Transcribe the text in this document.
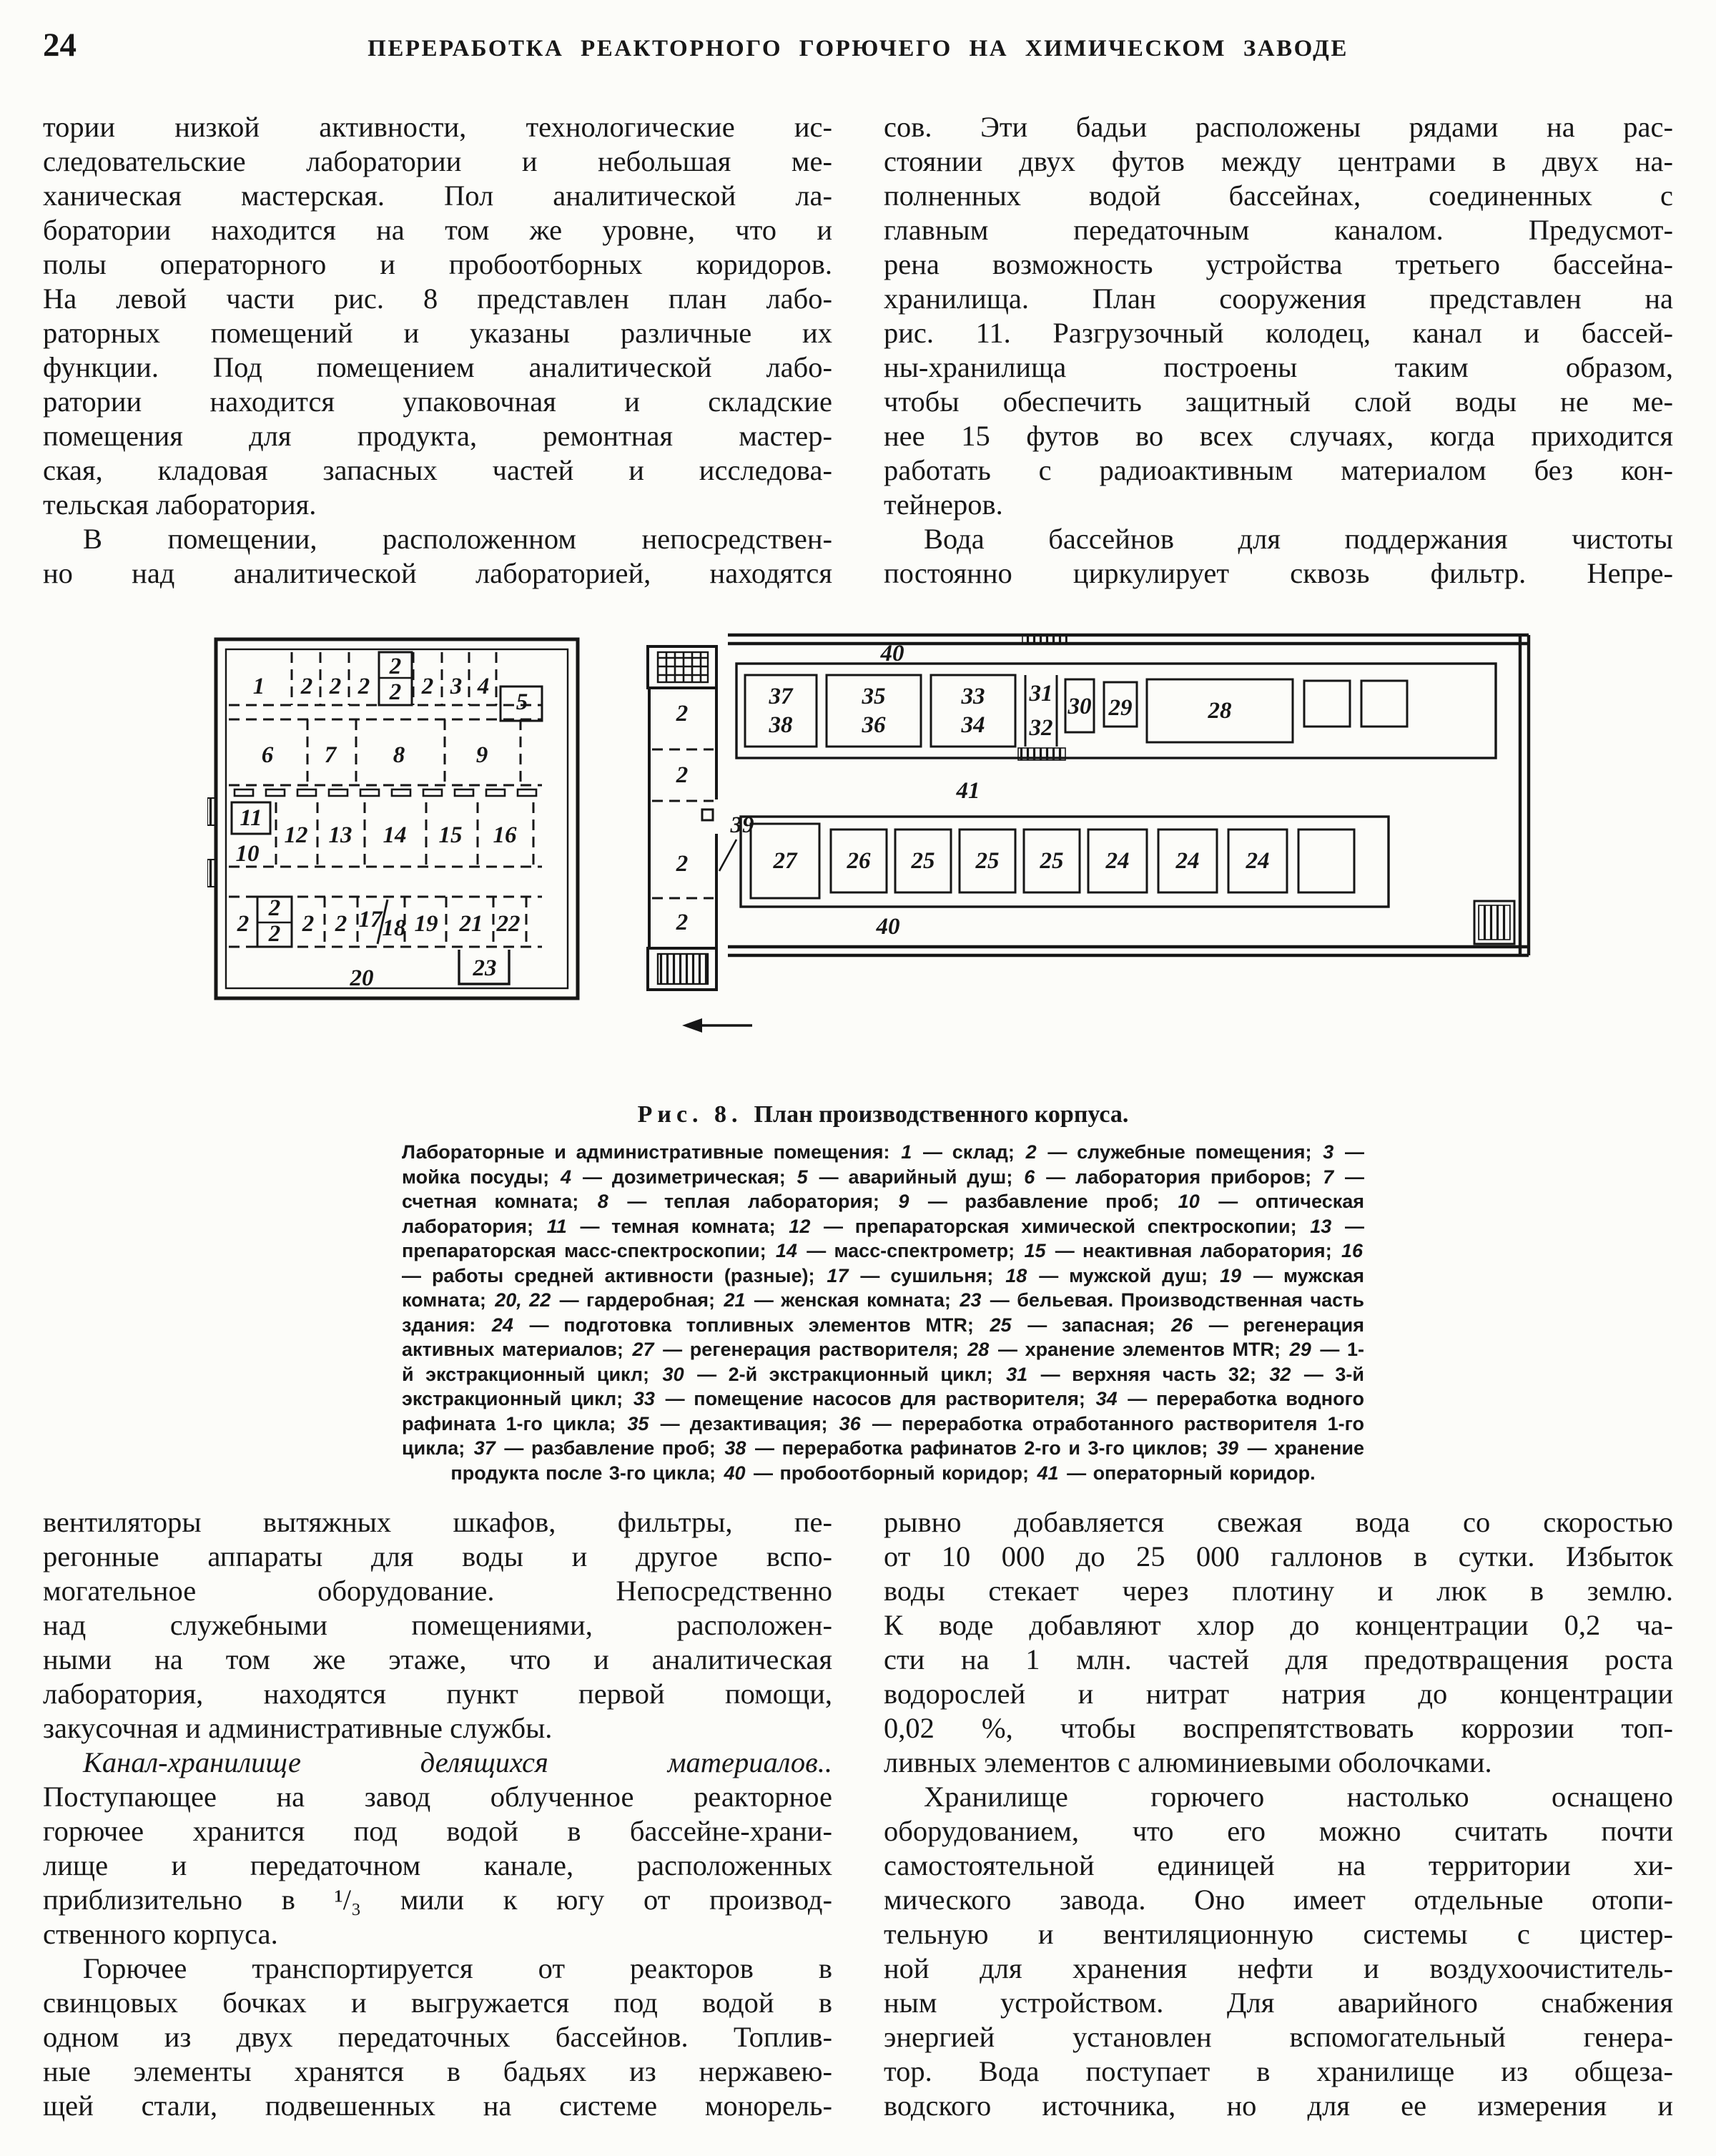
24	ПЕРЕРАБОТКА РЕАКТОРНОГО ГОРЮЧЕГО НА ХИМИЧЕСКОМ ЗАВОДЕ
тории низкой активности, технологические ис-
следовательские лаборатории и небольшая ме-
ханическая мастерская. Пол аналитической ла-
боратории находится на том же уровне, что и
полы операторного и пробоотборных коридоров.
На левой части рис. 8 представлен план лабо-
раторных помещений и указаны различные их
функции. Под помещением аналитической лабо-
ратории находится упаковочная и складские
помещения для продукта, ремонтная мастер-
ская, кладовая запасных частей и исследова-
тельская лаборатория.
В помещении, расположенном непосредствен-
но над аналитической лабораторией, находятся
сов. Эти бадьи расположены рядами на рас-
стоянии двух футов между центрами в двух на-
полненных водой бассейнах, соединенных с
главным передаточным каналом. Предусмот-
рена возможность устройства третьего бассейна-
хранилища. План сооружения представлен на
рис. 11. Разгрузочный колодец, канал и бассей-
ны-хранилища построены таким образом,
чтобы обеспечить защитный слой воды не ме-
нее 15 футов во всех случаях, когда приходится
работать с радиоактивным материалом без кон-
тейнеров.
Вода бассейнов для поддержания чистоты
постоянно циркулирует сквозь фильтр. Непре-
1 2 2 2
2
2 2 3 4
5
6 7 8	9
11
10
12 13 14 15 16
2
2
2 2 2 17 18 19 21 22
20	23
2
2
39
2
2
40
37
38
35
36
33
34
31
32
30 29	28
41
27 26 25 25 25 24 24 24
40
Рис. 8. План производственного корпуса.
Лабораторные и административные помещения: 1 — склад; 2 — служебные помещения; 3 — мойка посуды; 4 — дозиметрическая; 5 — аварийный душ; 6 — лаборатория приборов; 7 — счетная комната; 8 — теплая лаборатория; 9 — разбавление проб; 10 — оптическая лаборатория; 11 — темная комната; 12 — препараторская химической спектроскопии; 13 — препараторская масс-спектроскопии; 14 — масс-спектрометр; 15 — неактивная лаборатория; 16 — работы средней активности (разные); 17 — сушильня; 18 — мужской душ; 19 — мужская комната; 20, 22 — гардеробная; 21 — женская комната; 23 — бельевая. Производственная часть здания: 24 — подготовка топливных элементов MTR; 25 — запасная; 26 — регенерация активных материалов; 27 — регенерация растворителя; 28 — хранение элементов MTR; 29 — 1-й экстракционный цикл; 30 — 2-й экстракционный цикл; 31 — верхняя часть 32; 32 — 3-й экстракционный цикл; 33 — помещение насосов для растворителя; 34 — переработка водного рафината 1-го цикла; 35 — дезактивация; 36 — переработка отработанного растворителя 1-го цикла; 37 — разбавление проб; 38 — переработка рафинатов 2-го и 3-го циклов; 39 — хранение продукта после 3-го цикла; 40 — пробоотборный коридор; 41 — операторный коридор.
вентиляторы вытяжных шкафов, фильтры, пе-
регонные аппараты для воды и другое вспо-
могательное оборудование. Непосредственно
над служебными помещениями, расположен-
ными на том же этаже, что и аналитическая
лаборатория, находятся пункт первой помощи,
закусочная и административные службы.
Канал-хранилище делящихся материалов..
Поступающее на завод облученное реакторное
горючее хранится под водой в бассейне-храни-
лище и передаточном канале, расположенных
приблизительно в ¹/₃ мили к югу от производ-
ственного корпуса.
Горючее транспортируется от реакторов в
свинцовых бочках и выгружается под водой в
одном из двух передаточных бассейнов. Топлив-
ные элементы хранятся в бадьях из нержавею-
щей стали, подвешенных на системе монорель-
рывно добавляется свежая вода со скоростью
от 10 000 до 25 000 галлонов в сутки. Избыток
воды стекает через плотину и люк в землю.
К воде добавляют хлор до концентрации 0,2 ча-
сти на 1 млн. частей для предотвращения роста
водорослей и нитрат натрия до концентрации
0,02 %, чтобы воспрепятствовать коррозии топ-
ливных элементов с алюминиевыми оболочками.
Хранилище горючего настолько оснащено
оборудованием, что его можно считать почти
самостоятельной единицей на территории хи-
мического завода. Оно имеет отдельные отопи-
тельную и вентиляционную системы с цистер-
ной для хранения нефти и воздухоочиститель-
ным устройством. Для аварийного снабжения
энергией установлен вспомогательный генера-
тор. Вода поступает в хранилище из общеза-
водского источника, но для ее измерения и
